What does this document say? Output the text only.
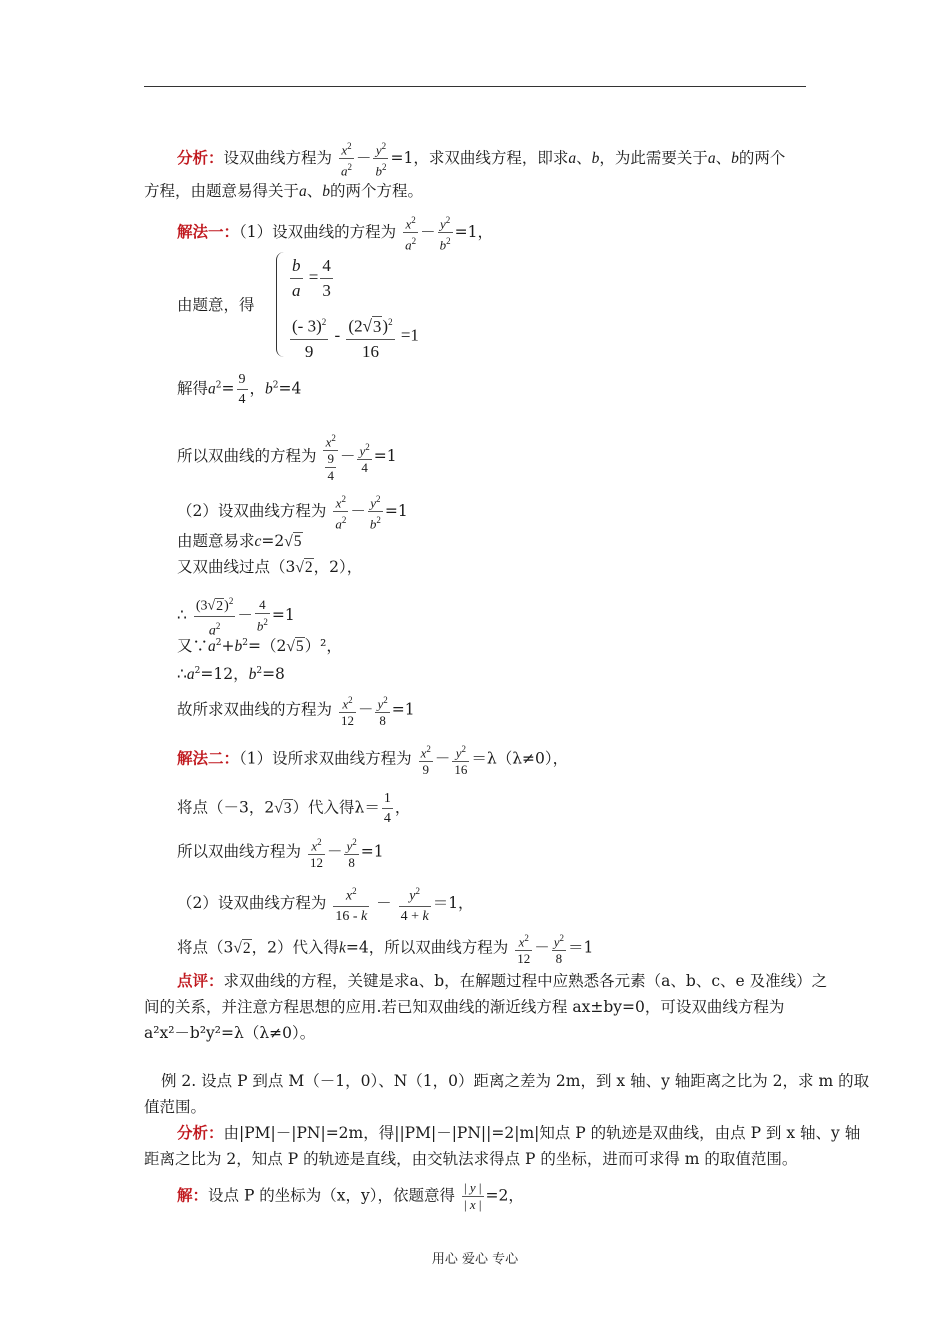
分析：设双曲线方程为 $\frac{x^2}{a^2} - \frac{y^2}{b^2} =1$，求双曲线方程，即求a、b，为此需要关于a、b的两个
方程，由题意易得关于a、b的两个方程。
解法一：（1）设双曲线的方程为 $\frac{x^2}{a^2} - \frac{y^2}{b^2} =1$，
由题意，得
$\frac{b}{a} = \frac{4}{3}$
$\frac{(- 3)^2}{9} - \frac{(2√3)^2}{16} =1$
解得$a^2= \frac{9}{4}$ ，$b^2=4$
所以双曲线的方程为 $\frac{x^2}{\frac{9}{4}} - \frac{y^2}{4} =1$
（2）设双曲线方程为 $\frac{x^2}{a^2} - \frac{y^2}{b^2} =1$
由题意易求c=2√5
又双曲线过点（3√2，2），
∴ $\frac{(3√2)^2}{a^2} - \frac{4}{b^2} =1$
又$\because a^2+b^2=(2√5)^2$，
$\therefore a^2=12$，$b^2=8$
故所求双曲线的方程为 $\frac{x^2}{12} - \frac{y^2}{8} =1$
解法二：（1）设所求双曲线方程为 $\frac{x^2}{9} - \frac{y^2}{16} =\lambda(\lambda\ne 0)$，
将点（－3，2√3）代入得$\lambda= \frac{1}{4}$ ，
所以双曲线方程为 $\frac{x^2}{12} - \frac{y^2}{8} =1$
（2）设双曲线方程为 $\frac{x^2}{16 - k} - \frac{y^2}{4 + k} =1$，
将点（3√2，2）代入得k=4，所以双曲线方程为 $\frac{x^2}{12} - \frac{y^2}{8} =1$
点评：求双曲线的方程，关键是求a、b，在解题过程中应熟悉各元素（a、b、c、e 及准线）之
间的关系，并注意方程思想的应用.若已知双曲线的渐近线方程 ax±by=0，可设双曲线方程为
a²x²－b²y²=λ（λ≠0）。
例 2. 设点 P 到点 M（－1，0）、N（1，0）距离之差为 2m，到 x 轴、y 轴距离之比为 2，求 m 的取
值范围。
分析：由|PM|－|PN|=2m，得||PM|－|PN||=2|m|知点 P 的轨迹是双曲线，由点 P 到 x 轴、y 轴
距离之比为 2，知点 P 的轨迹是直线，由交轨法求得点 P 的坐标，进而可求得 m 的取值范围。
解：设点 P 的坐标为（x，y），依题意得 $\frac{| y |}{| x |} =2$，
用心 爱心 专心
